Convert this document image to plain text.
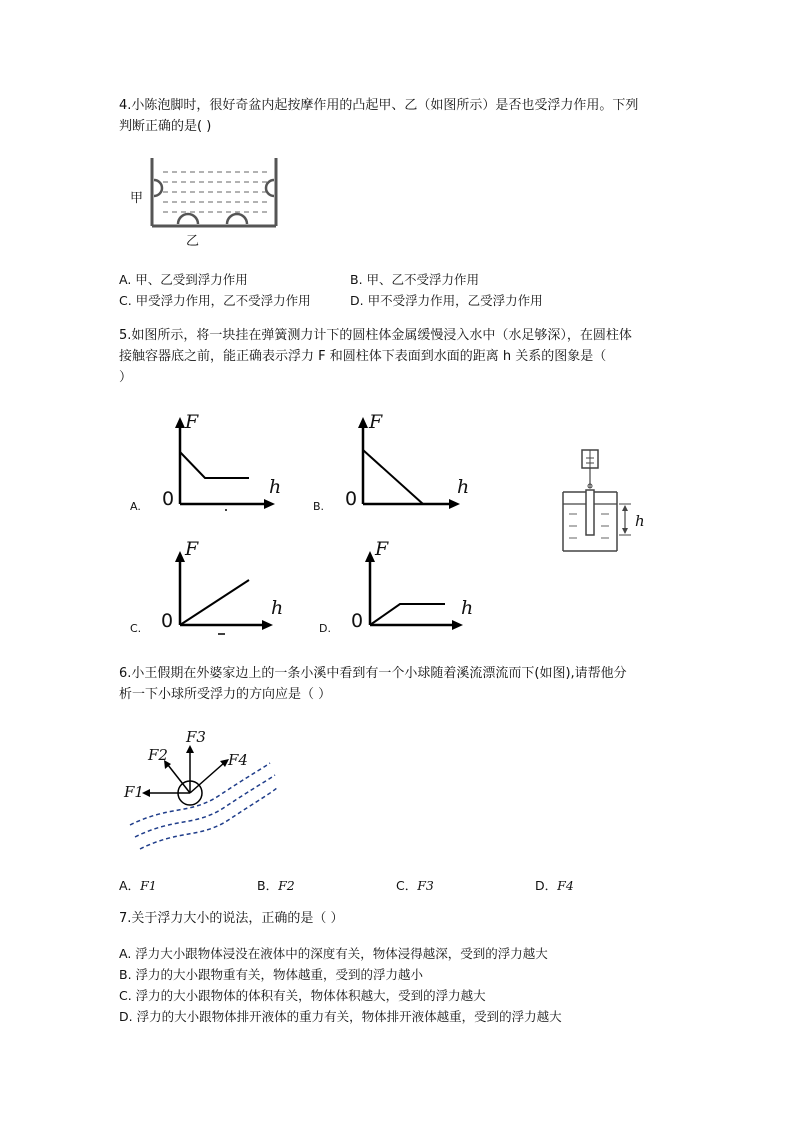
4.小陈泡脚时，很好奇盆内起按摩作用的凸起甲、乙（如图所示）是否也受浮力作用。下列
判断正确的是( )
甲
乙
A. 甲、乙受到浮力作用	B. 甲、乙不受浮力作用
C. 甲受浮力作用，乙不受浮力作用	D. 甲不受浮力作用，乙受浮力作用
5.如图所示，将一块挂在弹簧测力计下的圆柱体金属缓慢浸入水中（水足够深），在圆柱体
接触容器底之前，能正确表示浮力 F 和圆柱体下表面到水面的距离 h 关系的图象是（
）
A.
F
h
0	B.
F
h
0
h
C.
F
h
0	D.
F
h
0
6.小王假期在外婆家边上的一条小溪中看到有一个小球随着溪流漂流而下(如图),请帮他分
析一下小球所受浮力的方向应是（ ）
F1
F2
F3
F4
A．F1	B．F2	C．F3	D．F4
7.关于浮力大小的说法，正确的是（ ）
A. 浮力大小跟物体浸没在液体中的深度有关，物体浸得越深，受到的浮力越大
B. 浮力的大小跟物重有关，物体越重，受到的浮力越小
C. 浮力的大小跟物体的体积有关，物体体积越大，受到的浮力越大
D. 浮力的大小跟物体排开液体的重力有关，物体排开液体越重，受到的浮力越大
